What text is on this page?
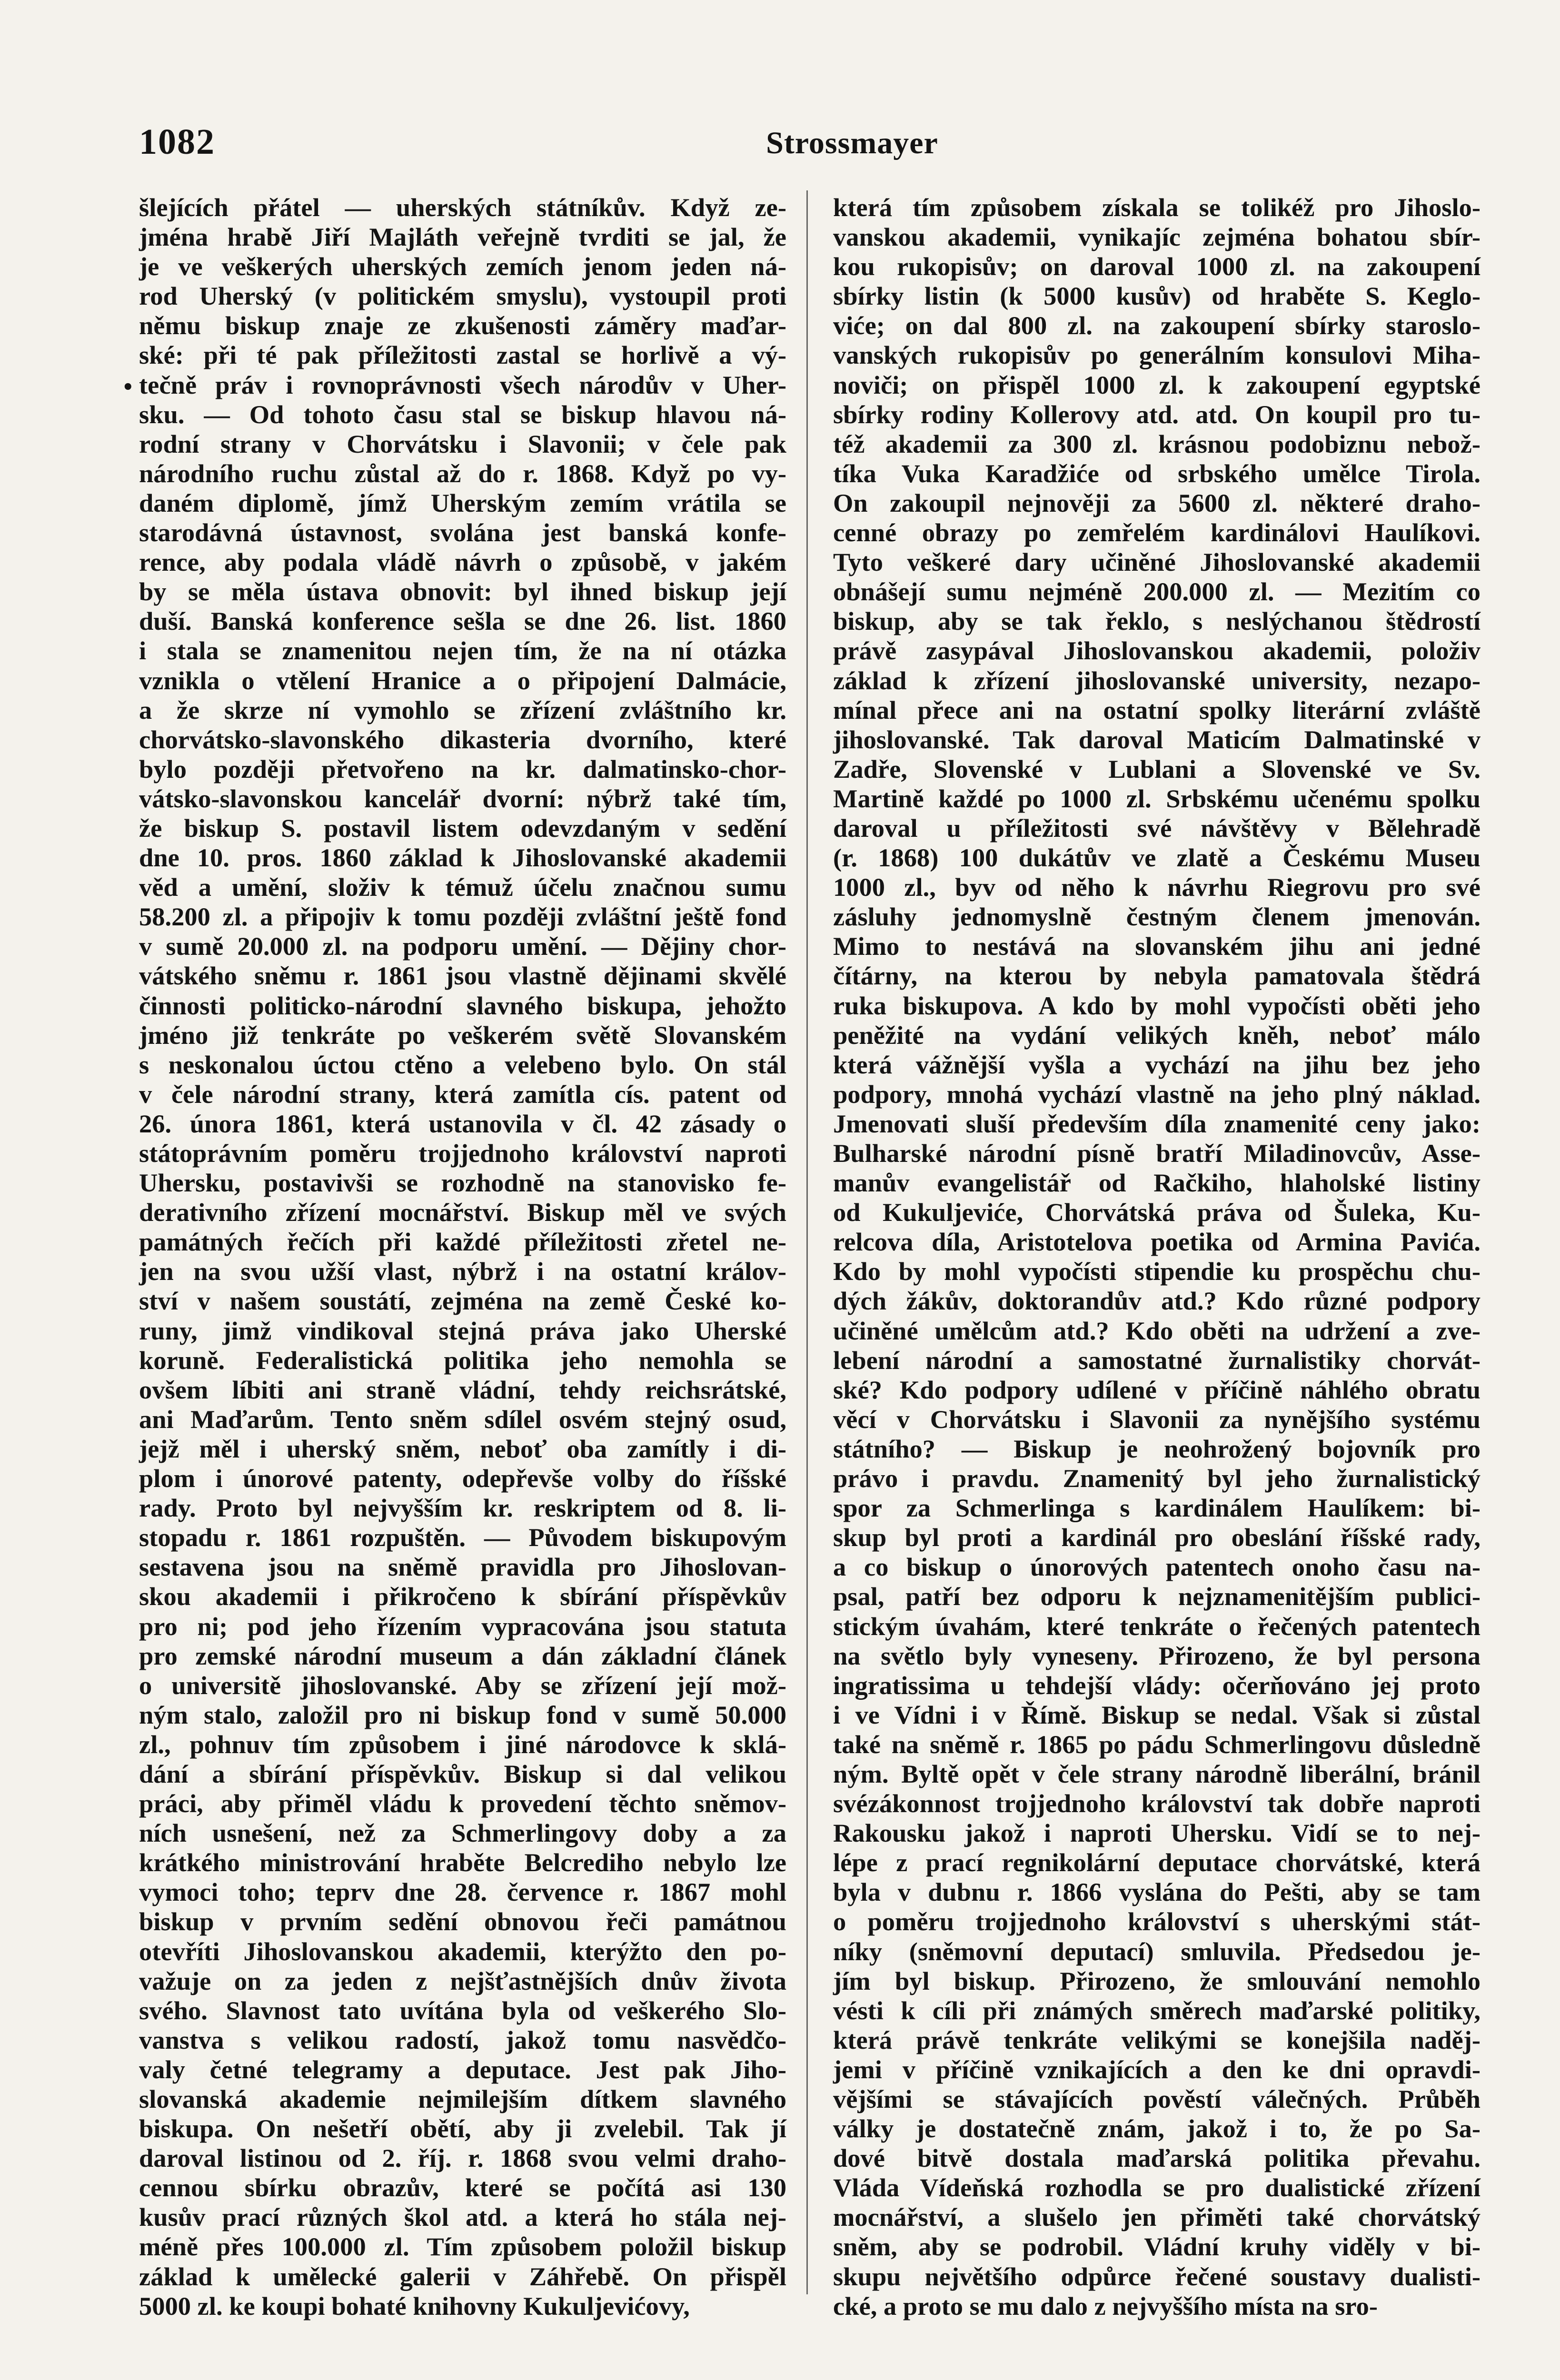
1082	Strossmayer
•
šlejících přátel — uherských státníkův. Když ze-
jména hrabě Jiří Majláth veřejně tvrditi se jal, že
je ve veškerých uherských zemích jenom jeden ná-
rod Uherský (v politickém smyslu), vystoupil proti
němu biskup znaje ze zkušenosti záměry maďar-
ské: při té pak příležitosti zastal se horlivě a vý-
tečně práv i rovnoprávnosti všech národův v Uher-
sku. — Od tohoto času stal se biskup hlavou ná-
rodní strany v Chorvátsku i Slavonii; v čele pak
národního ruchu zůstal až do r. 1868. Když po vy-
daném diplomě, jímž Uherským zemím vrátila se
starodávná ústavnost, svolána jest banská konfe-
rence, aby podala vládě návrh o způsobě, v jakém
by se měla ústava obnovit: byl ihned biskup její
duší. Banská konference sešla se dne 26. list. 1860
i stala se znamenitou nejen tím, že na ní otázka
vznikla o vtělení Hranice a o připojení Dalmácie,
a že skrze ní vymohlo se zřízení zvláštního kr.
chorvátsko-slavonského dikasteria dvorního, které
bylo později přetvořeno na kr. dalmatinsko-chor-
vátsko-slavonskou kancelář dvorní: nýbrž také tím,
že biskup S. postavil listem odevzdaným v sedění
dne 10. pros. 1860 základ k Jihoslovanské akademii
věd a umění, složiv k témuž účelu značnou sumu
58.200 zl. a připojiv k tomu později zvláštní ještě fond
v sumě 20.000 zl. na podporu umění. — Dějiny chor-
vátského sněmu r. 1861 jsou vlastně dějinami skvělé
činnosti politicko-národní slavného biskupa, jehožto
jméno již tenkráte po veškerém světě Slovanském
s neskonalou úctou ctěno a velebeno bylo. On stál
v čele národní strany, která zamítla cís. patent od
26. února 1861, která ustanovila v čl. 42 zásady o
státoprávním poměru trojjednoho království naproti
Uhersku, postavivši se rozhodně na stanovisko fe-
derativního zřízení mocnářství. Biskup měl ve svých
památných řečích při každé příležitosti zřetel ne-
jen na svou užší vlast, nýbrž i na ostatní králov-
ství v našem soustátí, zejména na země České ko-
runy, jimž vindikoval stejná práva jako Uherské
koruně. Federalistická politika jeho nemohla se
ovšem líbiti ani straně vládní, tehdy reichsrátské,
ani Maďarům. Tento sněm sdílel osvém stejný osud,
jejž měl i uherský sněm, neboť oba zamítly i di-
plom i únorové patenty, odepřevše volby do říšské
rady. Proto byl nejvyšším kr. reskriptem od 8. li-
stopadu r. 1861 rozpuštěn. — Původem biskupovým
sestavena jsou na sněmě pravidla pro Jihoslovan-
skou akademii i přikročeno k sbírání příspěvkův
pro ni; pod jeho řízením vypracována jsou statuta
pro zemské národní museum a dán základní článek
o universitě jihoslovanské. Aby se zřízení její mož-
ným stalo, založil pro ni biskup fond v sumě 50.000
zl., pohnuv tím způsobem i jiné národovce k sklá-
dání a sbírání příspěvkův. Biskup si dal velikou
práci, aby přiměl vládu k provedení těchto sněmov-
ních usnešení, než za Schmerlingovy doby a za
krátkého ministrování hraběte Belcrediho nebylo lze
vymoci toho; teprv dne 28. července r. 1867 mohl
biskup v prvním sedění obnovou řeči památnou
otevříti Jihoslovanskou akademii, kterýžto den po-
važuje on za jeden z nejšťastnějších dnův života
svého. Slavnost tato uvítána byla od veškerého Slo-
vanstva s velikou radostí, jakož tomu nasvědčo-
valy četné telegramy a deputace. Jest pak Jiho-
slovanská akademie nejmilejším dítkem slavného
biskupa. On nešetří obětí, aby ji zvelebil. Tak jí
daroval listinou od 2. říj. r. 1868 svou velmi draho-
cennou sbírku obrazův, které se počítá asi 130
kusův prací různých škol atd. a která ho stála nej-
méně přes 100.000 zl. Tím způsobem položil biskup
základ k umělecké galerii v Záhřebě. On přispěl
5000 zl. ke koupi bohaté knihovny Kukuljevićovy,
která tím způsobem získala se tolikéž pro Jihoslo-
vanskou akademii, vynikajíc zejména bohatou sbír-
kou rukopisův; on daroval 1000 zl. na zakoupení
sbírky listin (k 5000 kusův) od hraběte S. Keglo-
viće; on dal 800 zl. na zakoupení sbírky staroslo-
vanských rukopisův po generálním konsulovi Miha-
noviči; on přispěl 1000 zl. k zakoupení egyptské
sbírky rodiny Kollerovy atd. atd. On koupil pro tu-
též akademii za 300 zl. krásnou podobiznu nebož-
tíka Vuka Karadžiće od srbského umělce Tirola.
On zakoupil nejnověji za 5600 zl. některé draho-
cenné obrazy po zemřelém kardinálovi Haulíkovi.
Tyto veškeré dary učiněné Jihoslovanské akademii
obnášejí sumu nejméně 200.000 zl. — Mezitím co
biskup, aby se tak řeklo, s neslýchanou štědrostí
právě zasypával Jihoslovanskou akademii, položiv
základ k zřízení jihoslovanské university, nezapo-
mínal přece ani na ostatní spolky literární zvláště
jihoslovanské. Tak daroval Maticím Dalmatinské v
Zadře, Slovenské v Lublani a Slovenské ve Sv.
Martině každé po 1000 zl. Srbskému učenému spolku
daroval u příležitosti své návštěvy v Bělehradě
(r. 1868) 100 dukátův ve zlatě a Českému Museu
1000 zl., byv od něho k návrhu Riegrovu pro své
zásluhy jednomyslně čestným členem jmenován.
Mimo to nestává na slovanském jihu ani jedné
čítárny, na kterou by nebyla pamatovala štědrá
ruka biskupova. A kdo by mohl vypočísti oběti jeho
peněžité na vydání velikých kněh, neboť málo
která vážnější vyšla a vychází na jihu bez jeho
podpory, mnohá vychází vlastně na jeho plný náklad.
Jmenovati sluší především díla znamenité ceny jako:
Bulharské národní písně bratří Miladinovcův, Asse-
manův evangelistář od Račkiho, hlaholské listiny
od Kukuljeviće, Chorvátská práva od Šuleka, Ku-
relcova díla, Aristotelova poetika od Armina Pavića.
Kdo by mohl vypočísti stipendie ku prospěchu chu-
dých žákův, doktorandův atd.? Kdo různé podpory
učiněné umělcům atd.? Kdo oběti na udržení a zve-
lebení národní a samostatné žurnalistiky chorvát-
ské? Kdo podpory udílené v příčině náhlého obratu
věcí v Chorvátsku i Slavonii za nynějšího systému
státního? — Biskup je neohrožený bojovník pro
právo i pravdu. Znamenitý byl jeho žurnalistický
spor za Schmerlinga s kardinálem Haulíkem: bi-
skup byl proti a kardinál pro obeslání říšské rady,
a co biskup o únorových patentech onoho času na-
psal, patří bez odporu k nejznamenitějším publici-
stickým úvahám, které tenkráte o řečených patentech
na světlo byly vyneseny. Přirozeno, že byl persona
ingratissima u tehdejší vlády: očerňováno jej proto
i ve Vídni i v Římě. Biskup se nedal. Však si zůstal
také na sněmě r. 1865 po pádu Schmerlingovu důsledně
ným. Byltě opět v čele strany národně liberální, bránil
svézákonnost trojjednoho království tak dobře naproti
Rakousku jakož i naproti Uhersku. Vidí se to nej-
lépe z prací regnikolární deputace chorvátské, která
byla v dubnu r. 1866 vyslána do Pešti, aby se tam
o poměru trojjednoho království s uherskými stát-
níky (sněmovní deputací) smluvila. Předsedou je-
jím byl biskup. Přirozeno, že smlouvání nemohlo
vésti k cíli při známých směrech maďarské politiky,
která právě tenkráte velikými se konejšila naděj-
jemi v příčině vznikajících a den ke dni opravdi-
vějšími se stávajících pověstí válečných. Průběh
války je dostatečně znám, jakož i to, že po Sa-
dové bitvě dostala maďarská politika převahu.
Vláda Vídeňská rozhodla se pro dualistické zřízení
mocnářství, a slušelo jen přiměti také chorvátský
sněm, aby se podrobil. Vládní kruhy viděly v bi-
skupu největšího odpůrce řečené soustavy dualisti-
cké, a proto se mu dalo z nejvyššího místa na sro-
